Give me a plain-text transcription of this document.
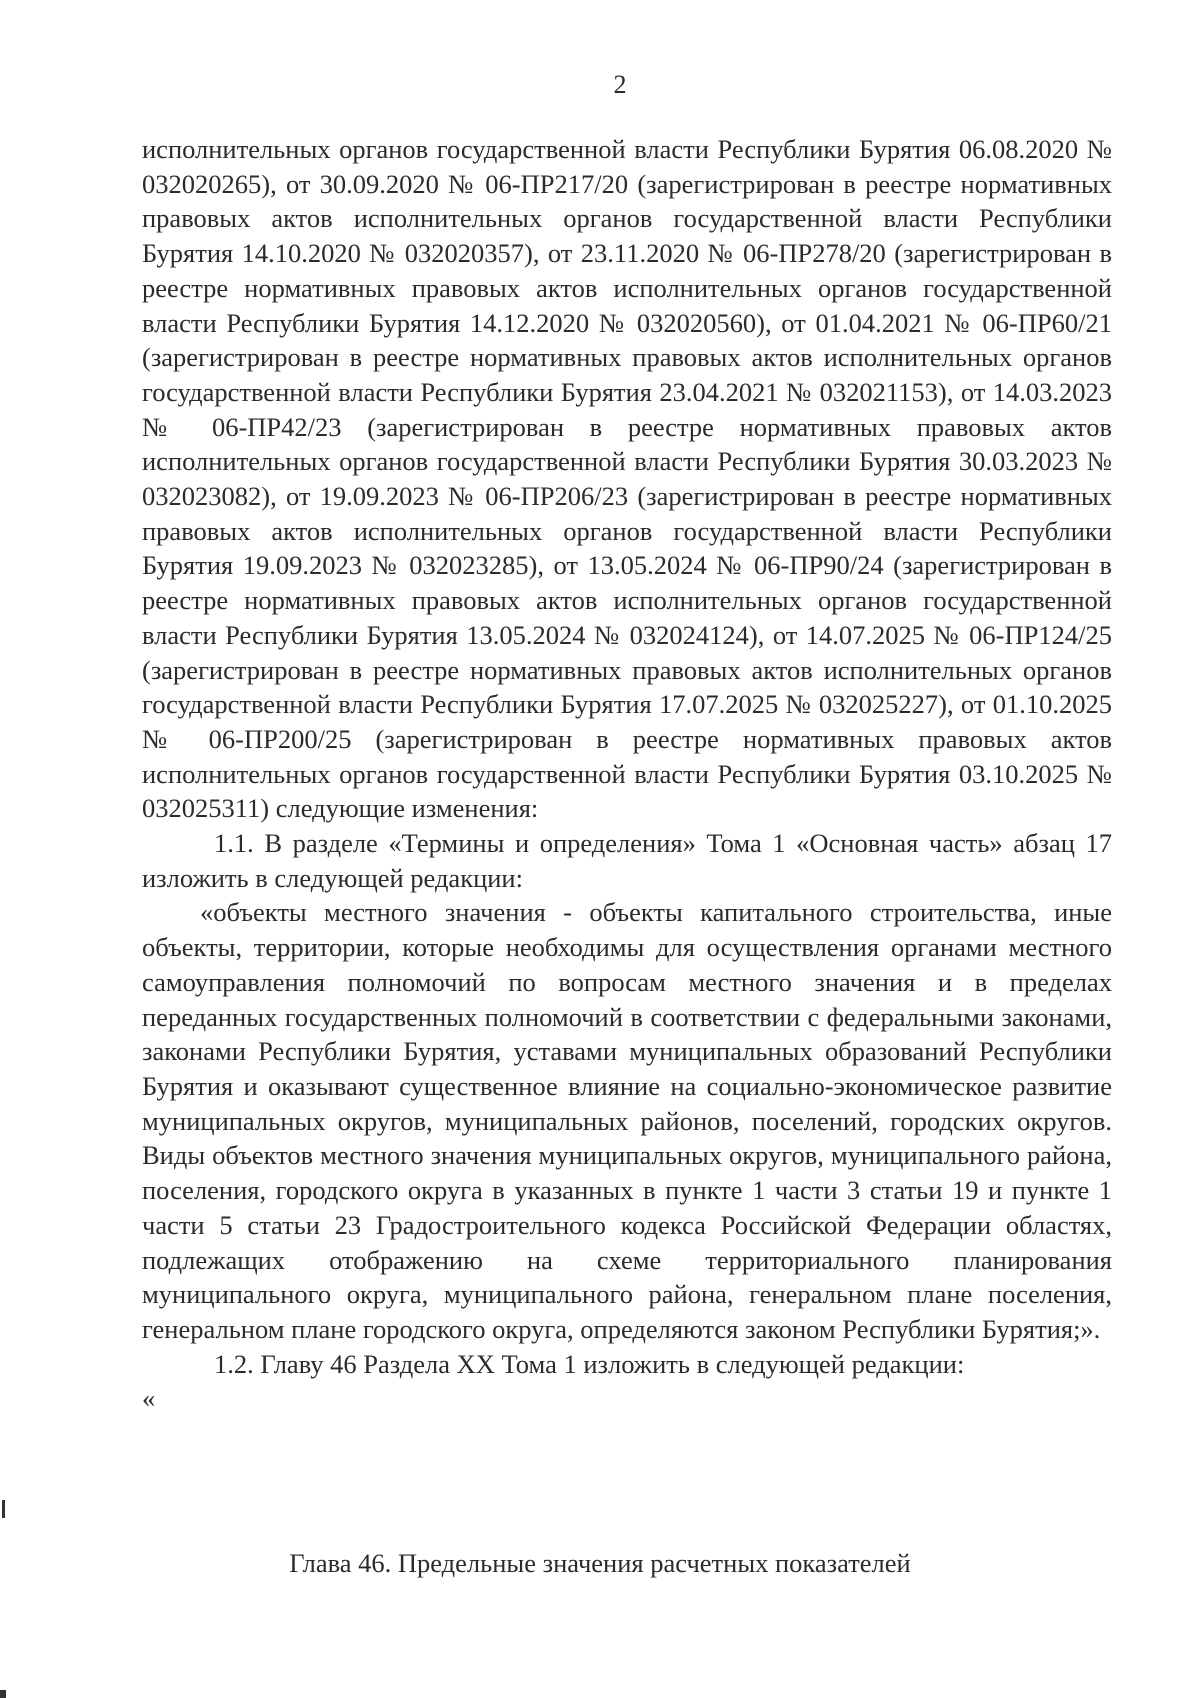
2

исполнительных органов государственной власти Республики Бурятия 06.08.2020 № 032020265), от 30.09.2020 № 06-ПР217/20 (зарегистрирован в реестре нормативных правовых актов исполнительных органов государственной власти Республики Бурятия 14.10.2020 № 032020357), от 23.11.2020 № 06-ПР278/20 (зарегистрирован в реестре нормативных правовых актов исполнительных органов государственной власти Республики Бурятия 14.12.2020 № 032020560), от 01.04.2021 № 06-ПР60/21 (зарегистрирован в реестре нормативных правовых актов исполнительных органов государственной власти Республики Бурятия 23.04.2021 № 032021153), от 14.03.2023 № 06-ПР42/23 (зарегистрирован в реестре нормативных правовых актов исполнительных органов государственной власти Республики Бурятия 30.03.2023 № 032023082), от 19.09.2023 № 06-ПР206/23 (зарегистрирован в реестре нормативных правовых актов исполнительных органов государственной власти Республики Бурятия 19.09.2023 № 032023285), от 13.05.2024 № 06-ПР90/24 (зарегистрирован в реестре нормативных правовых актов исполнительных органов государственной власти Республики Бурятия 13.05.2024 № 032024124), от 14.07.2025 № 06-ПР124/25 (зарегистрирован в реестре нормативных правовых актов исполнительных органов государственной власти Республики Бурятия 17.07.2025 № 032025227), от 01.10.2025 № 06-ПР200/25 (зарегистрирован в реестре нормативных правовых актов исполнительных органов государственной власти Республики Бурятия 03.10.2025 № 032025311) следующие изменения:

1.1. В разделе «Термины и определения» Тома 1 «Основная часть» абзац 17 изложить в следующей редакции:

«объекты местного значения - объекты капитального строительства, иные объекты, территории, которые необходимы для осуществления органами местного самоуправления полномочий по вопросам местного значения и в пределах переданных государственных полномочий в соответствии с федеральными законами, законами Республики Бурятия, уставами муниципальных образований Республики Бурятия и оказывают существенное влияние на социально-экономическое развитие муниципальных округов, муниципальных районов, поселений, городских округов. Виды объектов местного значения муниципальных округов, муниципального района, поселения, городского округа в указанных в пункте 1 части 3 статьи 19 и пункте 1 части 5 статьи 23 Градостроительного кодекса Российской Федерации областях, подлежащих отображению на схеме территориального планирования муниципального округа, муниципального района, генеральном плане поселения, генеральном плане городского округа, определяются законом Республики Бурятия;».

1.2. Главу 46 Раздела XX Тома 1 изложить в следующей редакции:

«

Глава 46. Предельные значения расчетных показателей
